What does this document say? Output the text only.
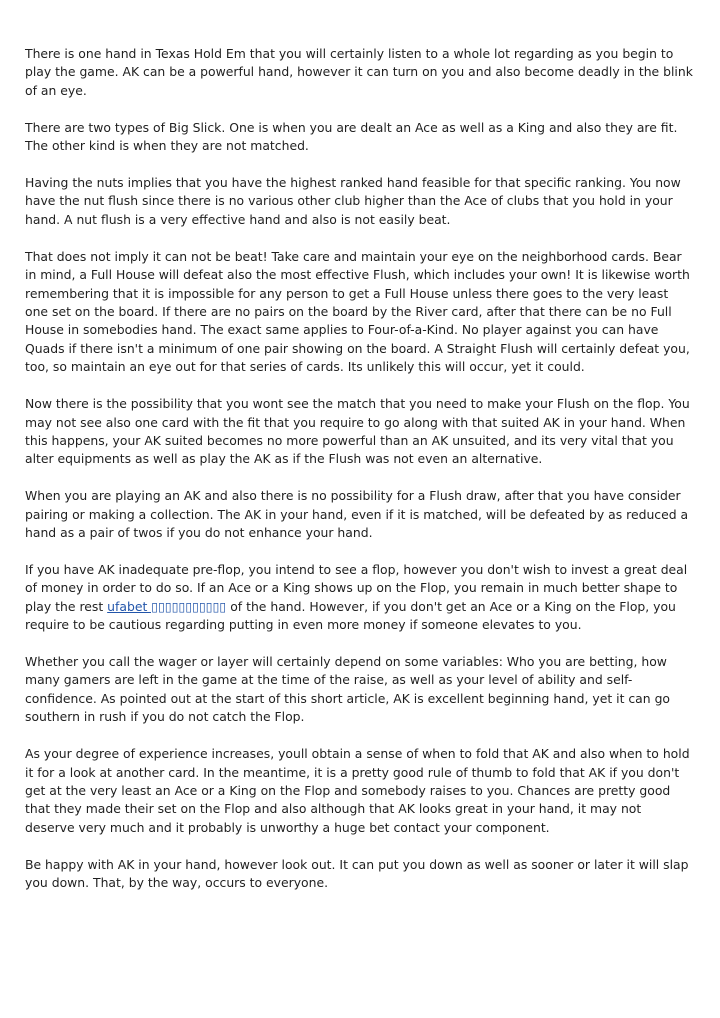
There is one hand in Texas Hold Em that you will certainly listen to a whole lot regarding as you begin to play the game. AK can be a powerful hand, however it can turn on you and also become deadly in the blink of an eye.

There are two types of Big Slick. One is when you are dealt an Ace as well as a King and also they are fit. The other kind is when they are not matched.

Having the nuts implies that you have the highest ranked hand feasible for that specific ranking. You now have the nut flush since there is no various other club higher than the Ace of clubs that you hold in your hand. A nut flush is a very effective hand and also is not easily beat.

That does not imply it can not be beat! Take care and maintain your eye on the neighborhood cards. Bear in mind, a Full House will defeat also the most effective Flush, which includes your own! It is likewise worth remembering that it is impossible for any person to get a Full House unless there goes to the very least one set on the board. If there are no pairs on the board by the River card, after that there can be no Full House in somebodies hand. The exact same applies to Four-of-a-Kind. No player against you can have Quads if there isn't a minimum of one pair showing on the board. A Straight Flush will certainly defeat you, too, so maintain an eye out for that series of cards. Its unlikely this will occur, yet it could.

Now there is the possibility that you wont see the match that you need to make your Flush on the flop. You may not see also one card with the fit that you require to go along with that suited AK in your hand. When this happens, your AK suited becomes no more powerful than an AK unsuited, and its very vital that you alter equipments as well as play the AK as if the Flush was not even an alternative.

When you are playing an AK and also there is no possibility for a Flush draw, after that you have consider pairing or making a collection. The AK in your hand, even if it is matched, will be defeated by as reduced a hand as a pair of twos if you do not enhance your hand.

If you have AK inadequate pre-flop, you intend to see a flop, however you don't wish to invest a great deal of money in order to do so. If an Ace or a King shows up on the Flop, you remain in much better shape to play the rest ufabet ▯▯▯▯▯▯▯▯▯▯▯ of the hand. However, if you don't get an Ace or a King on the Flop, you require to be cautious regarding putting in even more money if someone elevates to you.

Whether you call the wager or layer will certainly depend on some variables: Who you are betting, how many gamers are left in the game at the time of the raise, as well as your level of ability and self-confidence. As pointed out at the start of this short article, AK is excellent beginning hand, yet it can go southern in rush if you do not catch the Flop.

As your degree of experience increases, youll obtain a sense of when to fold that AK and also when to hold it for a look at another card. In the meantime, it is a pretty good rule of thumb to fold that AK if you don't get at the very least an Ace or a King on the Flop and somebody raises to you. Chances are pretty good that they made their set on the Flop and also although that AK looks great in your hand, it may not deserve very much and it probably is unworthy a huge bet contact your component.

Be happy with AK in your hand, however look out. It can put you down as well as sooner or later it will slap you down. That, by the way, occurs to everyone.
